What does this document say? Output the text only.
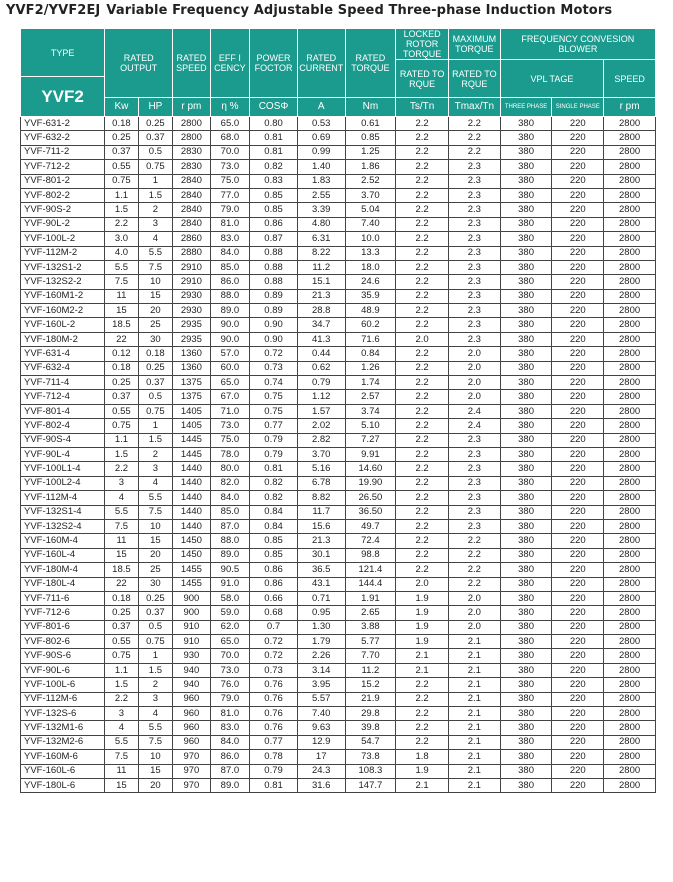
YVF2/YVF2EJ Variable Frequency Adjustable Speed Three-phase Induction Motors
TYPE	RATED OUTPUT		RATED SPEED	EFF I CENCY	POWER FOCTOR	RATED CURRENT	RATED TORQUE	LOCKED ROTOR TORQUE	MAXIMUM TORQUE	FREQUENCY CONVESION BLOWER		
								RATED TO RQUE	RATED TO RQUE	VPL TAGE		SPEED
YVF2												
	Kw	HP	r pm	η %	COSΦ	A	Nm	Ts/Tn	Tmax/Tn	THREE PHASE	SINGLE PHASE	r pm
YVF-631-2	0.18	0.25	2800	65.0	0.80	0.53	0.61	2.2	2.2	380	220	2800
YVF-632-2	0.25	0.37	2800	68.0	0.81	0.69	0.85	2.2	2.2	380	220	2800
YVF-711-2	0.37	0.5	2830	70.0	0.81	0.99	1.25	2.2	2.2	380	220	2800
YVF-712-2	0.55	0.75	2830	73.0	0.82	1.40	1.86	2.2	2.3	380	220	2800
YVF-801-2	0.75	1	2840	75.0	0.83	1.83	2.52	2.2	2.3	380	220	2800
YVF-802-2	1.1	1.5	2840	77.0	0.85	2.55	3.70	2.2	2.3	380	220	2800
YVF-90S-2	1.5	2	2840	79.0	0.85	3.39	5.04	2.2	2.3	380	220	2800
YVF-90L-2	2.2	3	2840	81.0	0.86	4.80	7.40	2.2	2.3	380	220	2800
YVF-100L-2	3.0	4	2860	83.0	0.87	6.31	10.0	2.2	2.3	380	220	2800
YVF-112M-2	4.0	5.5	2880	84.0	0.88	8.22	13.3	2.2	2.3	380	220	2800
YVF-132S1-2	5.5	7.5	2910	85.0	0.88	11.2	18.0	2.2	2.3	380	220	2800
YVF-132S2-2	7.5	10	2910	86.0	0.88	15.1	24.6	2.2	2.3	380	220	2800
YVF-160M1-2	11	15	2930	88.0	0.89	21.3	35.9	2.2	2.3	380	220	2800
YVF-160M2-2	15	20	2930	89.0	0.89	28.8	48.9	2.2	2.3	380	220	2800
YVF-160L-2	18.5	25	2935	90.0	0.90	34.7	60.2	2.2	2.3	380	220	2800
YVF-180M-2	22	30	2935	90.0	0.90	41.3	71.6	2.0	2.3	380	220	2800
YVF-631-4	0.12	0.18	1360	57.0	0.72	0.44	0.84	2.2	2.0	380	220	2800
YVF-632-4	0.18	0.25	1360	60.0	0.73	0.62	1.26	2.2	2.0	380	220	2800
YVF-711-4	0.25	0.37	1375	65.0	0.74	0.79	1.74	2.2	2.0	380	220	2800
YVF-712-4	0.37	0.5	1375	67.0	0.75	1.12	2.57	2.2	2.0	380	220	2800
YVF-801-4	0.55	0.75	1405	71.0	0.75	1.57	3.74	2.2	2.4	380	220	2800
YVF-802-4	0.75	1	1405	73.0	0.77	2.02	5.10	2.2	2.4	380	220	2800
YVF-90S-4	1.1	1.5	1445	75.0	0.79	2.82	7.27	2.2	2.3	380	220	2800
YVF-90L-4	1.5	2	1445	78.0	0.79	3.70	9.91	2.2	2.3	380	220	2800
YVF-100L1-4	2.2	3	1440	80.0	0.81	5.16	14.60	2.2	2.3	380	220	2800
YVF-100L2-4	3	4	1440	82.0	0.82	6.78	19.90	2.2	2.3	380	220	2800
YVF-112M-4	4	5.5	1440	84.0	0.82	8.82	26.50	2.2	2.3	380	220	2800
YVF-132S1-4	5.5	7.5	1440	85.0	0.84	11.7	36.50	2.2	2.3	380	220	2800
YVF-132S2-4	7.5	10	1440	87.0	0.84	15.6	49.7	2.2	2.3	380	220	2800
YVF-160M-4	11	15	1450	88.0	0.85	21.3	72.4	2.2	2.2	380	220	2800
YVF-160L-4	15	20	1450	89.0	0.85	30.1	98.8	2.2	2.2	380	220	2800
YVF-180M-4	18.5	25	1455	90.5	0.86	36.5	121.4	2.2	2.2	380	220	2800
YVF-180L-4	22	30	1455	91.0	0.86	43.1	144.4	2.0	2.2	380	220	2800
YVF-711-6	0.18	0.25	900	58.0	0.66	0.71	1.91	1.9	2.0	380	220	2800
YVF-712-6	0.25	0.37	900	59.0	0.68	0.95	2.65	1.9	2.0	380	220	2800
YVF-801-6	0.37	0.5	910	62.0	0.7	1.30	3.88	1.9	2.0	380	220	2800
YVF-802-6	0.55	0.75	910	65.0	0.72	1.79	5.77	1.9	2.1	380	220	2800
YVF-90S-6	0.75	1	930	70.0	0.72	2.26	7.70	2.1	2.1	380	220	2800
YVF-90L-6	1.1	1.5	940	73.0	0.73	3.14	11.2	2.1	2.1	380	220	2800
YVF-100L-6	1.5	2	940	76.0	0.76	3.95	15.2	2.2	2.1	380	220	2800
YVF-112M-6	2.2	3	960	79.0	0.76	5.57	21.9	2.2	2.1	380	220	2800
YVF-132S-6	3	4	960	81.0	0.76	7.40	29.8	2.2	2.1	380	220	2800
YVF-132M1-6	4	5.5	960	83.0	0.76	9.63	39.8	2.2	2.1	380	220	2800
YVF-132M2-6	5.5	7.5	960	84.0	0.77	12.9	54.7	2.2	2.1	380	220	2800
YVF-160M-6	7.5	10	970	86.0	0.78	17	73.8	1.8	2.1	380	220	2800
YVF-160L-6	11	15	970	87.0	0.79	24.3	108.3	1.9	2.1	380	220	2800
YVF-180L-6	15	20	970	89.0	0.81	31.6	147.7	2.1	2.1	380	220	2800
